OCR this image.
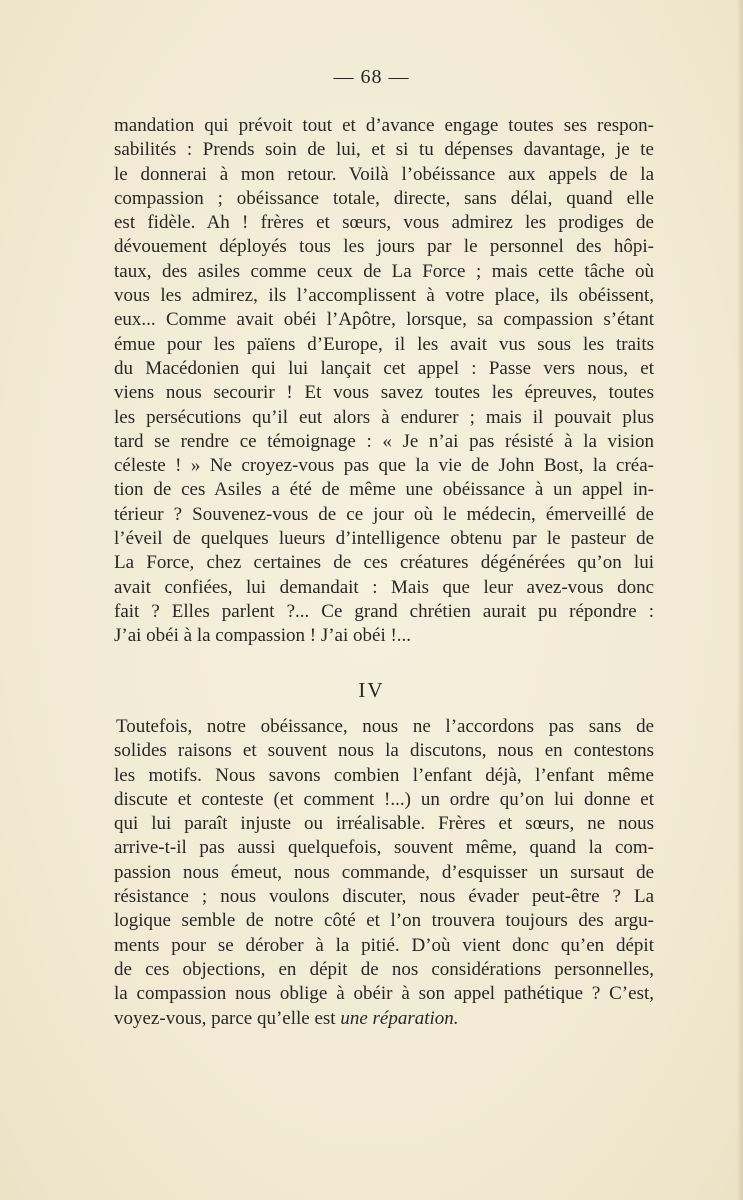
— 68 —

mandation qui prévoit tout et d’avance engage toutes ses respon-

sabilités : Prends soin de lui, et si tu dépenses davantage, je te

le donnerai à mon retour. Voilà l’obéissance aux appels de la

compassion ; obéissance totale, directe, sans délai, quand elle

est fidèle. Ah ! frères et sœurs, vous admirez les prodiges de

dévouement déployés tous les jours par le personnel des hôpi-

taux, des asiles comme ceux de La Force ; mais cette tâche où

vous les admirez, ils l’accomplissent à votre place, ils obéissent,

eux... Comme avait obéi l’Apôtre, lorsque, sa compassion s’étant

émue pour les païens d’Europe, il les avait vus sous les traits

du Macédonien qui lui lançait cet appel : Passe vers nous, et

viens nous secourir ! Et vous savez toutes les épreuves, toutes

les persécutions qu’il eut alors à endurer ; mais il pouvait plus

tard se rendre ce témoignage : « Je n’ai pas résisté à la vision

céleste ! » Ne croyez-vous pas que la vie de John Bost, la créa-

tion de ces Asiles a été de même une obéissance à un appel in-

térieur ? Souvenez-vous de ce jour où le médecin, émerveillé de

l’éveil de quelques lueurs d’intelligence obtenu par le pasteur de

La Force, chez certaines de ces créatures dégénérées qu’on lui

avait confiées, lui demandait : Mais que leur avez-vous donc

fait ? Elles parlent ?... Ce grand chrétien aurait pu répondre :

J’ai obéi à la compassion ! J’ai obéi !...

IV

Toutefois, notre obéissance, nous ne l’accordons pas sans de

solides raisons et souvent nous la discutons, nous en contestons

les motifs. Nous savons combien l’enfant déjà, l’enfant même

discute et conteste (et comment !...) un ordre qu’on lui donne et

qui lui paraît injuste ou irréalisable. Frères et sœurs, ne nous

arrive-t-il pas aussi quelquefois, souvent même, quand la com-

passion nous émeut, nous commande, d’esquisser un sursaut de

résistance ; nous voulons discuter, nous évader peut-être ? La

logique semble de notre côté et l’on trouvera toujours des argu-

ments pour se dérober à la pitié. D’où vient donc qu’en dépit

de ces objections, en dépit de nos considérations personnelles,

la compassion nous oblige à obéir à son appel pathétique ? C’est,

voyez-vous, parce qu’elle est une réparation.
